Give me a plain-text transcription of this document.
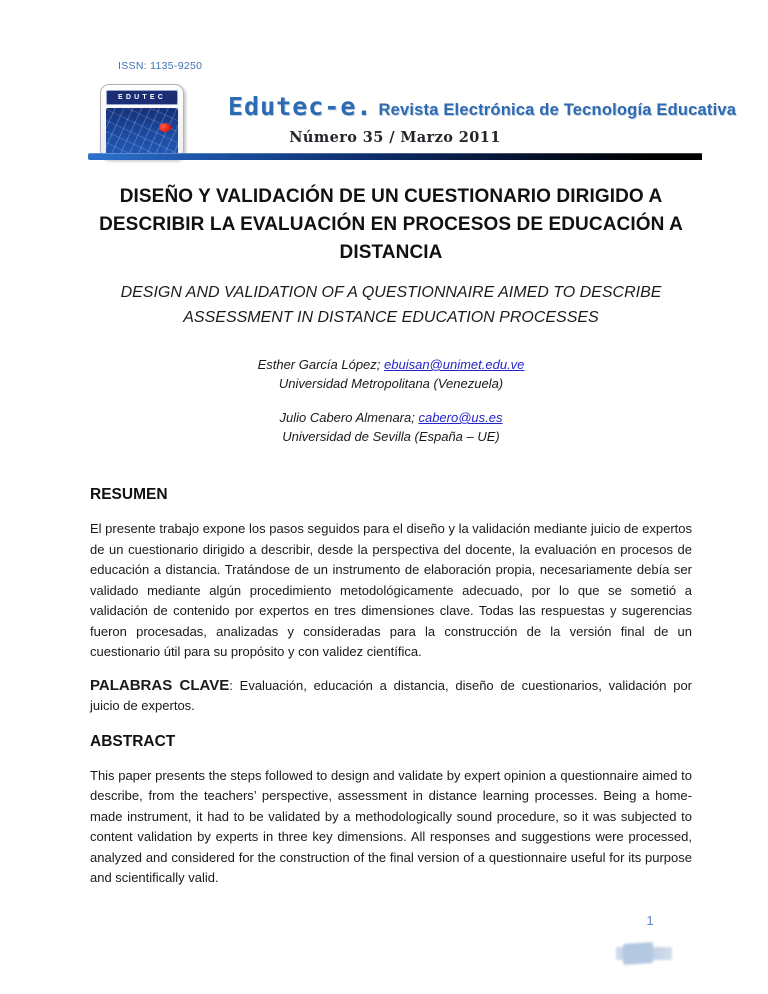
ISSN: 1135-9250
EDUTEC	Edutec-e. Revista Electrónica de Tecnología Educativa
Número 35 / Marzo 2011
DISEÑO Y VALIDACIÓN DE UN CUESTIONARIO DIRIGIDO A
DESCRIBIR LA EVALUACIÓN EN PROCESOS DE EDUCACIÓN A
DISTANCIA
DESIGN AND VALIDATION OF A QUESTIONNAIRE AIMED TO DESCRIBE
ASSESSMENT IN DISTANCE EDUCATION PROCESSES
Esther García López; ebuisan@unimet.edu.ve
Universidad Metropolitana (Venezuela)
Julio Cabero Almenara; cabero@us.es
Universidad de Sevilla (España – UE)
RESUMEN
El presente trabajo expone los pasos seguidos para el diseño y la validación mediante juicio de expertos de un cuestionario dirigido a describir, desde la perspectiva del docente, la evaluación en procesos de educación a distancia. Tratándose de un instrumento de elaboración propia, necesariamente debía ser validado mediante algún procedimiento metodológicamente adecuado, por lo que se sometió a validación de contenido por expertos en tres dimensiones clave. Todas las respuestas y sugerencias fueron procesadas, analizadas y consideradas para la construcción de la versión final de un cuestionario útil para su propósito y con validez científica.
PALABRAS CLAVE: Evaluación, educación a distancia, diseño de cuestionarios, validación por juicio de expertos.
ABSTRACT
This paper presents the steps followed to design and validate by expert opinion a questionnaire aimed to describe, from the teachers’ perspective, assessment in distance learning processes. Being a home-made instrument, it had to be validated by a methodologically sound procedure, so it was subjected to content validation by experts in three key dimensions. All responses and suggestions were processed, analyzed and considered for the construction of the final version of a questionnaire useful for its purpose and scientifically valid.
1
